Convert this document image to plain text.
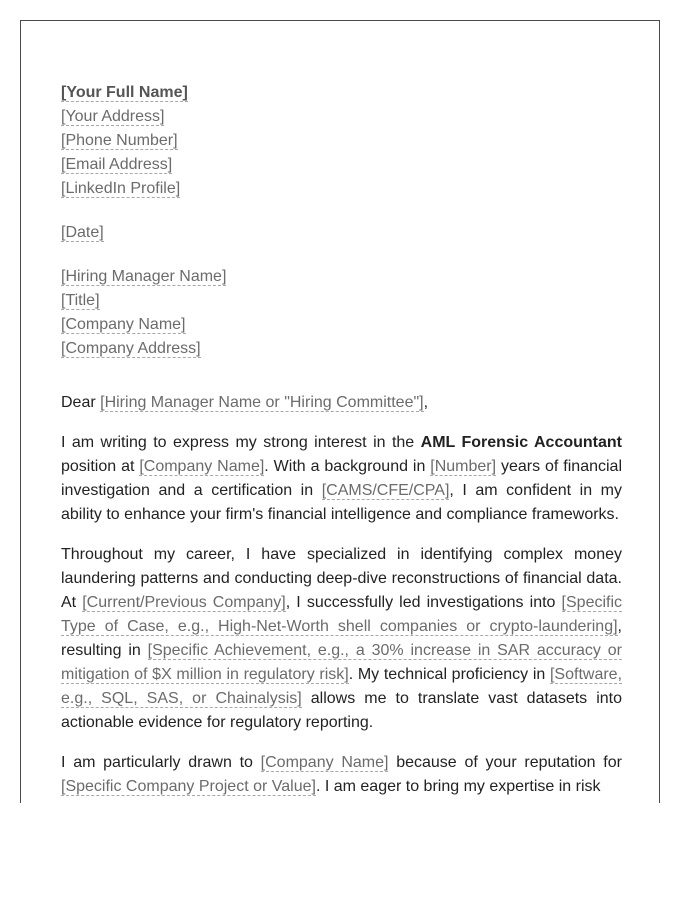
[Your Full Name]
[Your Address]
[Phone Number]
[Email Address]
[LinkedIn Profile]
[Date]
[Hiring Manager Name]
[Title]
[Company Name]
[Company Address]

Dear [Hiring Manager Name or "Hiring Committee"],

I am writing to express my strong interest in the AML Forensic Accountant position at [Company Name]. With a background in [Number] years of financial investigation and a certification in [CAMS/CFE/CPA], I am confident in my ability to enhance your firm's financial intelligence and compliance frameworks.

Throughout my career, I have specialized in identifying complex money laundering patterns and conducting deep-dive reconstructions of financial data. At [Current/Previous Company], I successfully led investigations into [Specific Type of Case, e.g., High-Net-Worth shell companies or crypto-laundering], resulting in [Specific Achievement, e.g., a 30% increase in SAR accuracy or mitigation of $X million in regulatory risk]. My technical proficiency in [Software, e.g., SQL, SAS, or Chainalysis] allows me to translate vast datasets into actionable evidence for regulatory reporting.

I am particularly drawn to [Company Name] because of your reputation for [Specific Company Project or Value]. I am eager to bring my expertise in risk
